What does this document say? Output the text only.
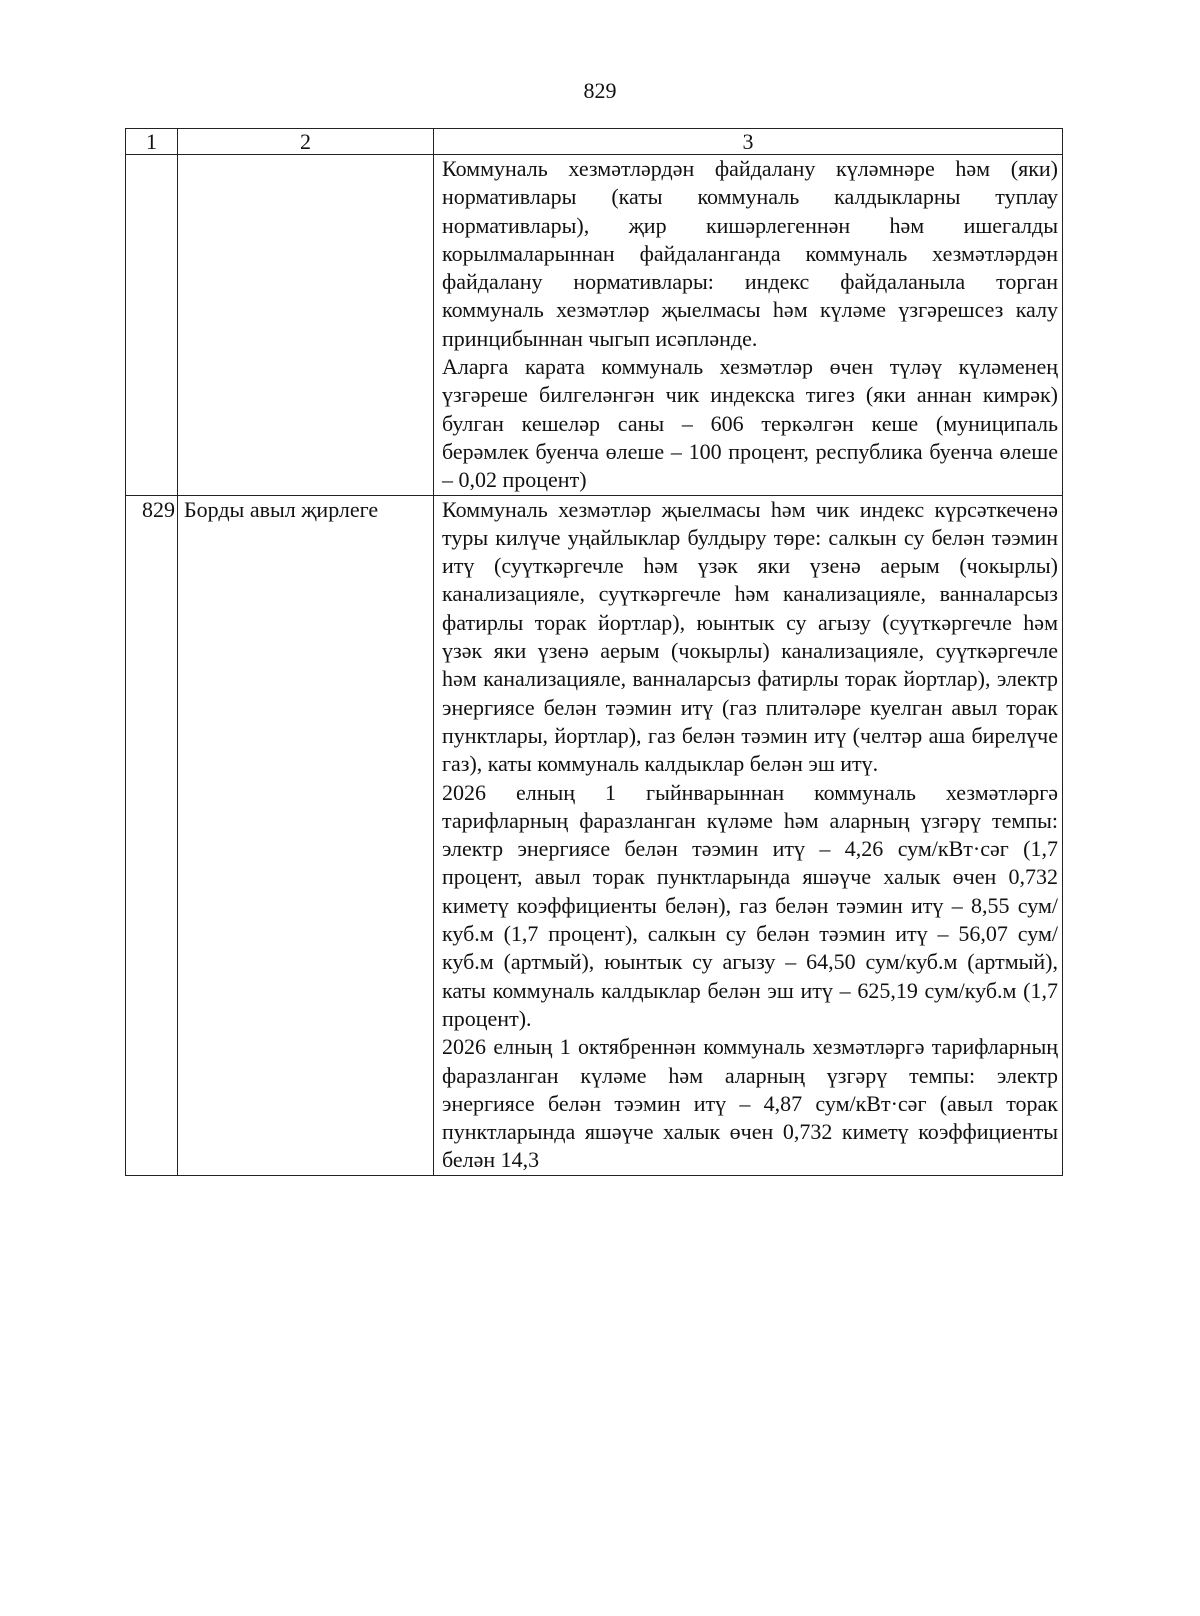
829
1	2	3

		Коммуналь хезмәтләрдән файдалану күләмнәре һәм (яки) нормативлары (каты коммуналь калдыкларны туплау нормативлары), җир кишәрлегеннән һәм ишегалды корылмаларыннан файдаланганда коммуналь хезмәтләрдән файдалану нормативлары: индекс файдаланыла торган коммуналь хезмәтләр җыелмасы һәм күләме үзгәрешсез калу принцибыннан чыгып исәпләнде.

Аларга карата коммуналь хезмәтләр өчен түләү күләменең үзгәреше билгеләнгән чик индекска тигез (яки аннан кимрәк) булган кешеләр саны – 606 теркәлгән кеше (муниципаль берәмлек буенча өлеше – 100 процент, республика буенча өлеше – 0,02 процент)

829	Борды авыл җирлеге	Коммуналь хезмәтләр җыелмасы һәм чик индекс күрсәткеченә туры килүче уңайлыклар булдыру төре: салкын су белән тәэмин итү (суүткәргечле һәм үзәк яки үзенә аерым (чокырлы) канализацияле, суүткәргечле һәм канализацияле, ванналарсыз фатирлы торак йортлар), юынтык су агызу (суүткәргечле һәм үзәк яки үзенә аерым (чокырлы) канализацияле, суүткәргечле һәм канализацияле, ванналарсыз фатирлы торак йортлар), электр энергиясе белән тәэмин итү (газ плитәләре куелган авыл торак пунктлары, йортлар), газ белән тәэмин итү (челтәр аша бирелүче газ), каты коммуналь калдыклар белән эш итү.

2026 елның 1 гыйнварыннан коммуналь хезмәтләргә тарифларның фаразланган күләме һәм аларның үзгәрү темпы: электр энергиясе белән тәэмин итү – 4,26 сум/кВт·сәг (1,7 процент, авыл торак пунктларында яшәүче халык өчен 0,732 киметү коэффициенты белән), газ белән тәэмин итү – 8,55 сум/куб.м (1,7 процент), салкын су белән тәэмин итү – 56,07 сум/куб.м (артмый), юынтык су агызу – 64,50 сум/куб.м (артмый), каты коммуналь калдыклар белән эш итү – 625,19 сум/куб.м (1,7 процент).

2026 елның 1 октябреннән коммуналь хезмәтләргә тарифларның фаразланган күләме һәм аларның үзгәрү темпы: электр энергиясе белән тәэмин итү – 4,87 сум/кВт·сәг (авыл торак пунктларында яшәүче халык өчен 0,732 киметү коэффициенты белән 14,3
